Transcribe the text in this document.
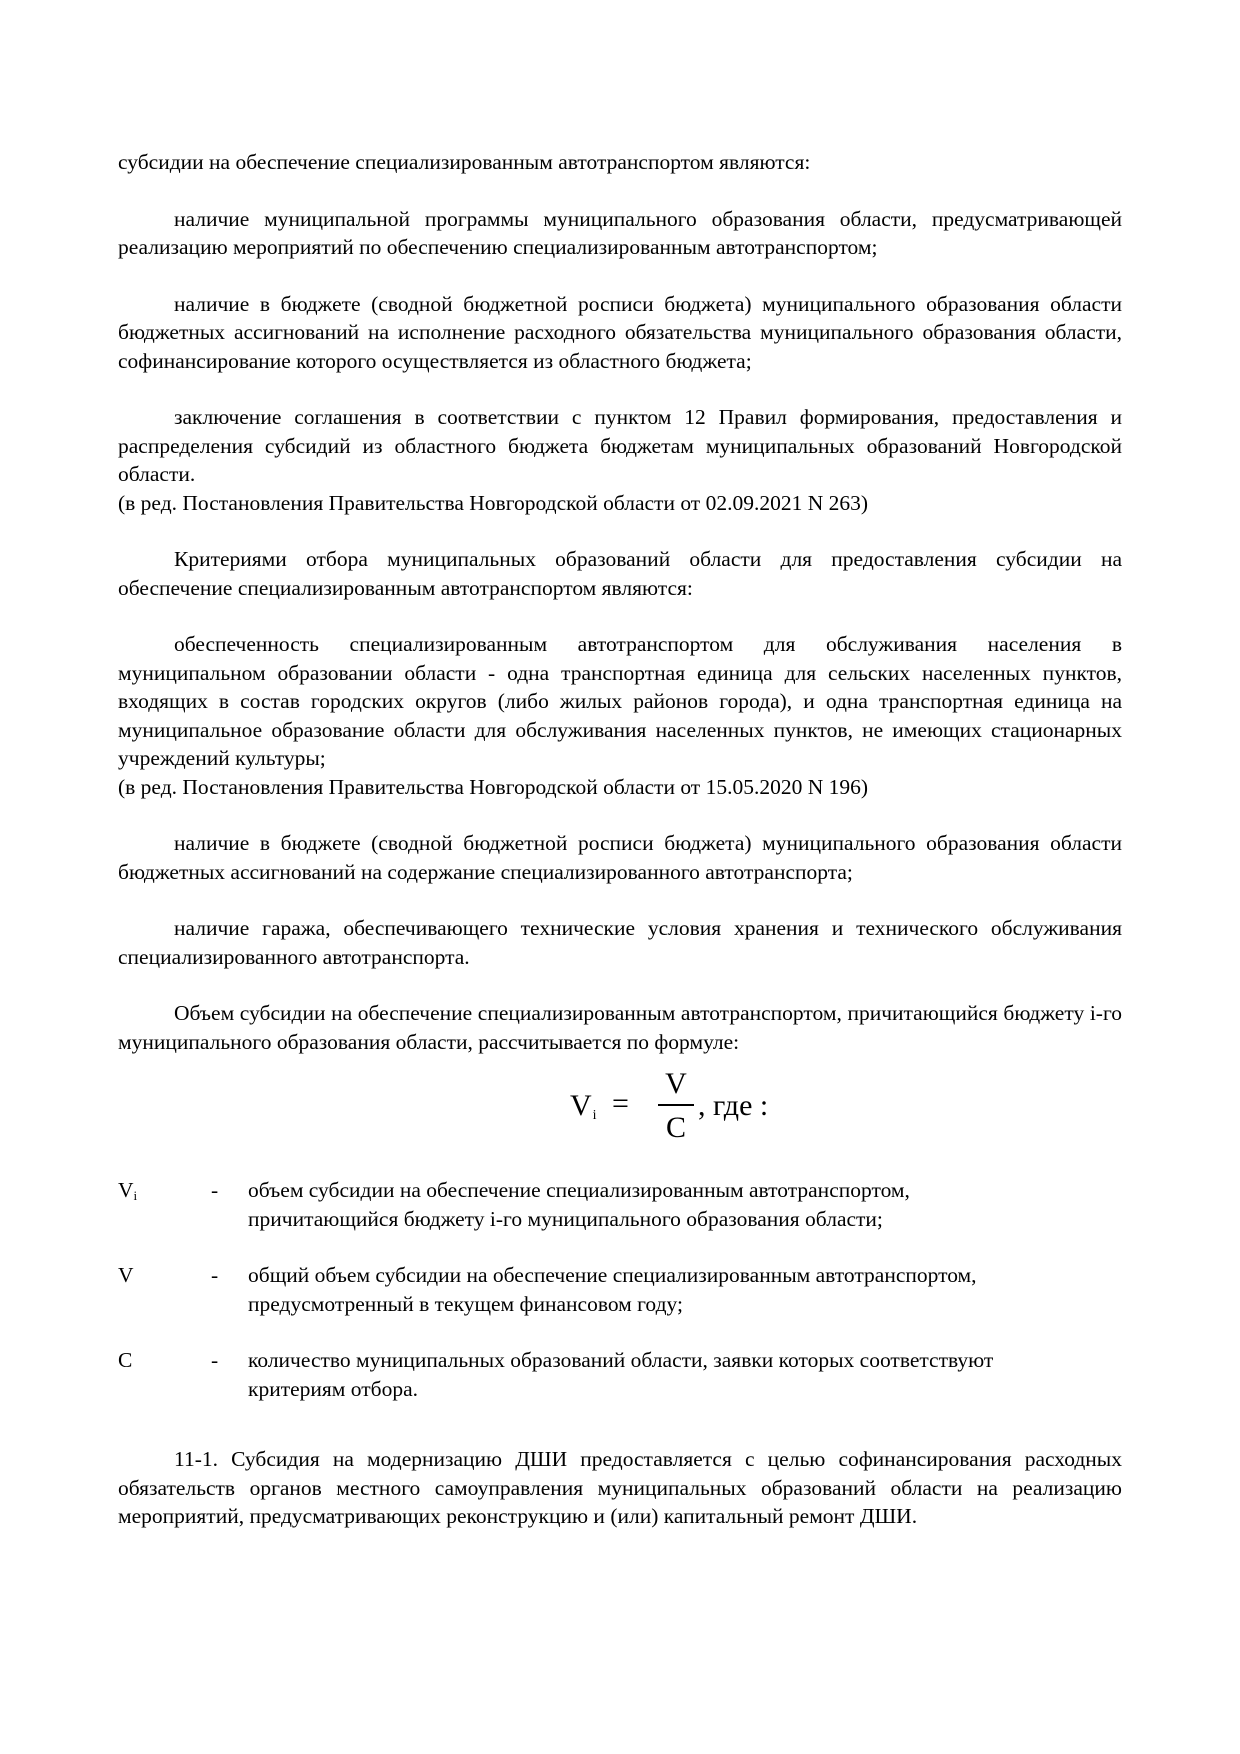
субсидии на обеспечение специализированным автотранспортом являются:

наличие муниципальной программы муниципального образования области, предусматривающей реализацию мероприятий по обеспечению специализированным автотранспортом;

наличие в бюджете (сводной бюджетной росписи бюджета) муниципального образования области бюджетных ассигнований на исполнение расходного обязательства муниципального образования области, софинансирование которого осуществляется из областного бюджета;

заключение соглашения в соответствии с пунктом 12 Правил формирования, предоставления и распределения субсидий из областного бюджета бюджетам муниципальных образований Новгородской области.

(в ред. Постановления Правительства Новгородской области от 02.09.2021 N 263)

Критериями отбора муниципальных образований области для предоставления субсидии на обеспечение специализированным автотранспортом являются:

обеспеченность специализированным автотранспортом для обслуживания населения в муниципальном образовании области - одна транспортная единица для сельских населенных пунктов, входящих в состав городских округов (либо жилых районов города), и одна транспортная единица на муниципальное образование области для обслуживания населенных пунктов, не имеющих стационарных учреждений культуры;

(в ред. Постановления Правительства Новгородской области от 15.05.2020 N 196)

наличие в бюджете (сводной бюджетной росписи бюджета) муниципального образования области бюджетных ассигнований на содержание специализированного автотранспорта;

наличие гаража, обеспечивающего технические условия хранения и технического обслуживания специализированного автотранспорта.

Объем субсидии на обеспечение специализированным автотранспортом, причитающийся бюджету i-го муниципального образования области, рассчитывается по формуле:

$V_i$ =
V
C
, где :
$V_i$	- объем субсидии на обеспечение специализированным автотранспортом, причитающийся бюджету i-го муниципального образования области;
V	- общий объем субсидии на обеспечение специализированным автотранспортом, предусмотренный в текущем финансовом году;
C	- количество муниципальных образований области, заявки которых соответствуют критериям отбора.

11-1. Субсидия на модернизацию ДШИ предоставляется с целью софинансирования расходных обязательств органов местного самоуправления муниципальных образований области на реализацию мероприятий, предусматривающих реконструкцию и (или) капитальный ремонт ДШИ.
